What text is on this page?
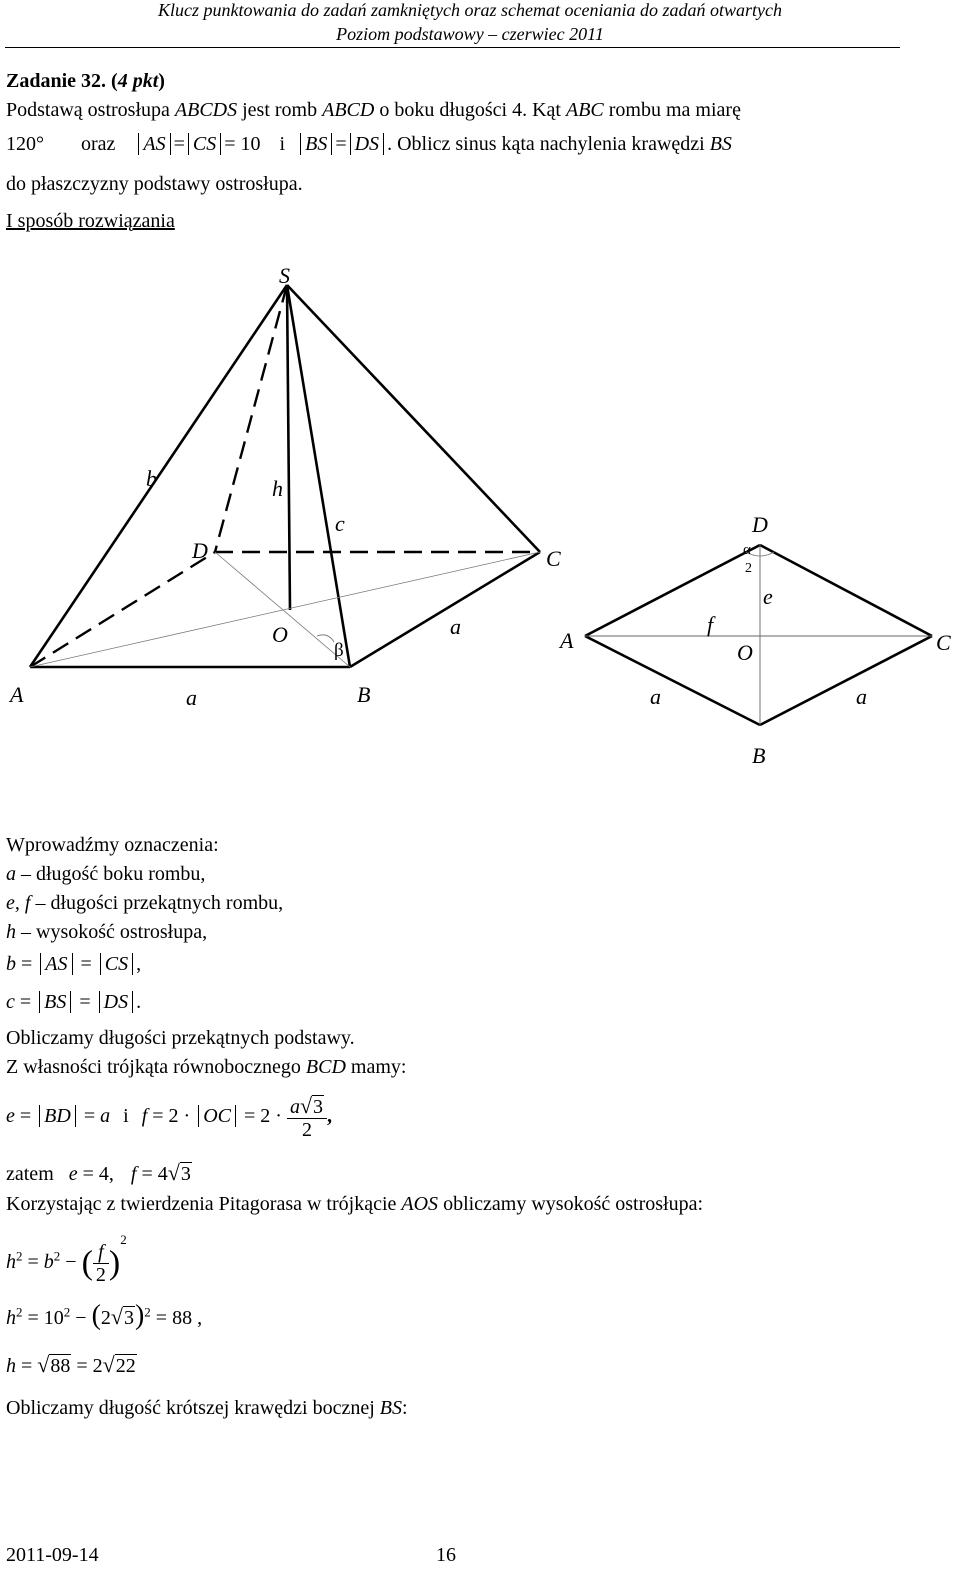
Klucz punktowania do zadań zamkniętych oraz schemat oceniania do zadań otwartych
Poziom podstawowy – czerwiec 2011
Zadanie 32. (4 pkt)
Podstawą ostrosłupa ABCDS jest romb ABCD o boku długości 4. Kąt ABC rombu ma miarę
120° oraz AS = CS = 10 i BS = DS . Oblicz sinus kąta nachylenia krawędzi BS
do płaszczyzny podstawy ostrosłupa.
I sposób rozwiązania
S
b	h
c
D	C
O
β
a
A	a	B
D
α
2
e
A
f
O	C
a	a
B
Wprowadźmy oznaczenia:
a – długość boku rombu,
e, f – długości przekątnych rombu,
h – wysokość ostrosłupa,
b = AS = CS ,
c = BS = DS .
Obliczamy długości przekątnych podstawy.
Z własności trójkąta równobocznego BCD mamy:
e = BD = a i f = 2 · OC = $2 \cdot \frac{a√3}{2}$ ,
zatem e = 4, f = 4√3
Korzystając z twierdzenia Pitagorasa w trójkącie AOS obliczamy wysokość ostrosłupa:
$h^2 = b^2$ − ( $\frac{f}{2} )^2$
$h^2 = 10^2 - (2√3)^2 = 88$ ,
h = √88 = 2√22
Obliczamy długość krótszej krawędzi bocznej BS:
2011-09-14	16
